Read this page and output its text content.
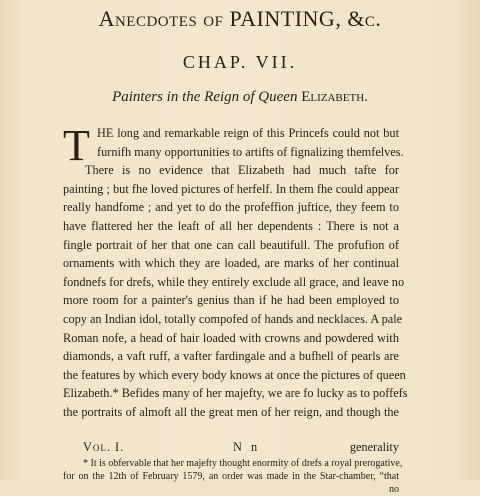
Anecdotes of PAINTING, &c.
CHAP. VII.
Painters in the Reign of Queen Elizabeth.
T HE long and remarkable reign of this Princefs could not but
furnifh many opportunities to artifts of fignalizing themfelves.
There is no evidence that Elizabeth had much tafte for
painting ; but fhe loved pictures of herfelf. In them fhe could appear
really handfome ; and yet to do the profeffion juftice, they feem to
have flattered her the leaft of all her dependents : There is not a
fingle portrait of her that one can call beautifull. The profufion of
ornaments with which they are loaded, are marks of her continual
fondnefs for drefs, while they entirely exclude all grace, and leave no
more room for a painter's genius than if he had been employed to
copy an Indian idol, totally compofed of hands and necklaces. A pale
Roman nofe, a head of hair loaded with crowns and powdered with
diamonds, a vaft ruff, a vafter fardingale and a bufhell of pearls are
the features by which every body knows at once the pictures of queen
Elizabeth.* Befides many of her majefty, we are fo lucky as to poffefs
the portraits of almoft all the great men of her reign, and though the
Vol. I.	N n	generality
* It is obfervable that her majefty thought enormity of drefs a royal prerogative,
for on the 12th of February 1579, an order was made in the Star-chamber, “that
no
